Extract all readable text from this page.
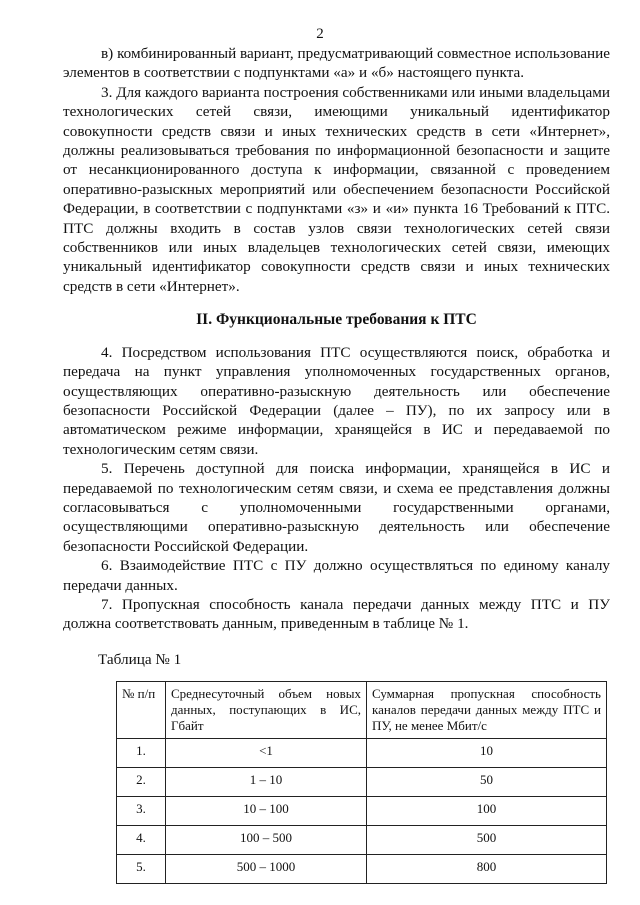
2

в) комбинированный вариант, предусматривающий совместное использование элементов в соответствии с подпунктами «а» и «б» настоящего пункта.

3. Для каждого варианта построения собственниками или иными владельцами технологических сетей связи, имеющими уникальный идентификатор совокупности средств связи и иных технических средств в сети «Интернет», должны реализовываться требования по информационной безопасности и защите от несанкционированного доступа к информации, связанной с проведением оперативно-разыскных мероприятий или обеспечением безопасности Российской Федерации, в соответствии с подпунктами «з» и «и» пункта 16 Требований к ПТС. ПТС должны входить в состав узлов связи технологических сетей связи собственников или иных владельцев технологических сетей связи, имеющих уникальный идентификатор совокупности средств связи и иных технических средств в сети «Интернет».

II. Функциональные требования к ПТС

4. Посредством использования ПТС осуществляются поиск, обработка и передача на пункт управления уполномоченных государственных органов, осуществляющих оперативно-разыскную деятельность или обеспечение безопасности Российской Федерации (далее – ПУ), по их запросу или в автоматическом режиме информации, хранящейся в ИС и передаваемой по технологическим сетям связи.

5. Перечень доступной для поиска информации, хранящейся в ИС и передаваемой по технологическим сетям связи, и схема ее представления должны согласовываться с уполномоченными государственными органами, осуществляющими оперативно-разыскную деятельность или обеспечение безопасности Российской Федерации.

6. Взаимодействие ПТС с ПУ должно осуществляться по единому каналу передачи данных.

7. Пропускная способность канала передачи данных между ПТС и ПУ должна соответствовать данным, приведенным в таблице № 1.

Таблица № 1

№ п/п	Среднесуточный объем новых данных, поступающих в ИС, Гбайт	Суммарная пропускная способность каналов передачи данных между ПТС и ПУ, не менее Мбит/с
1.	<1	10
2.	1 – 10	50
3.	10 – 100	100
4.	100 – 500	500
5.	500 – 1000	800
